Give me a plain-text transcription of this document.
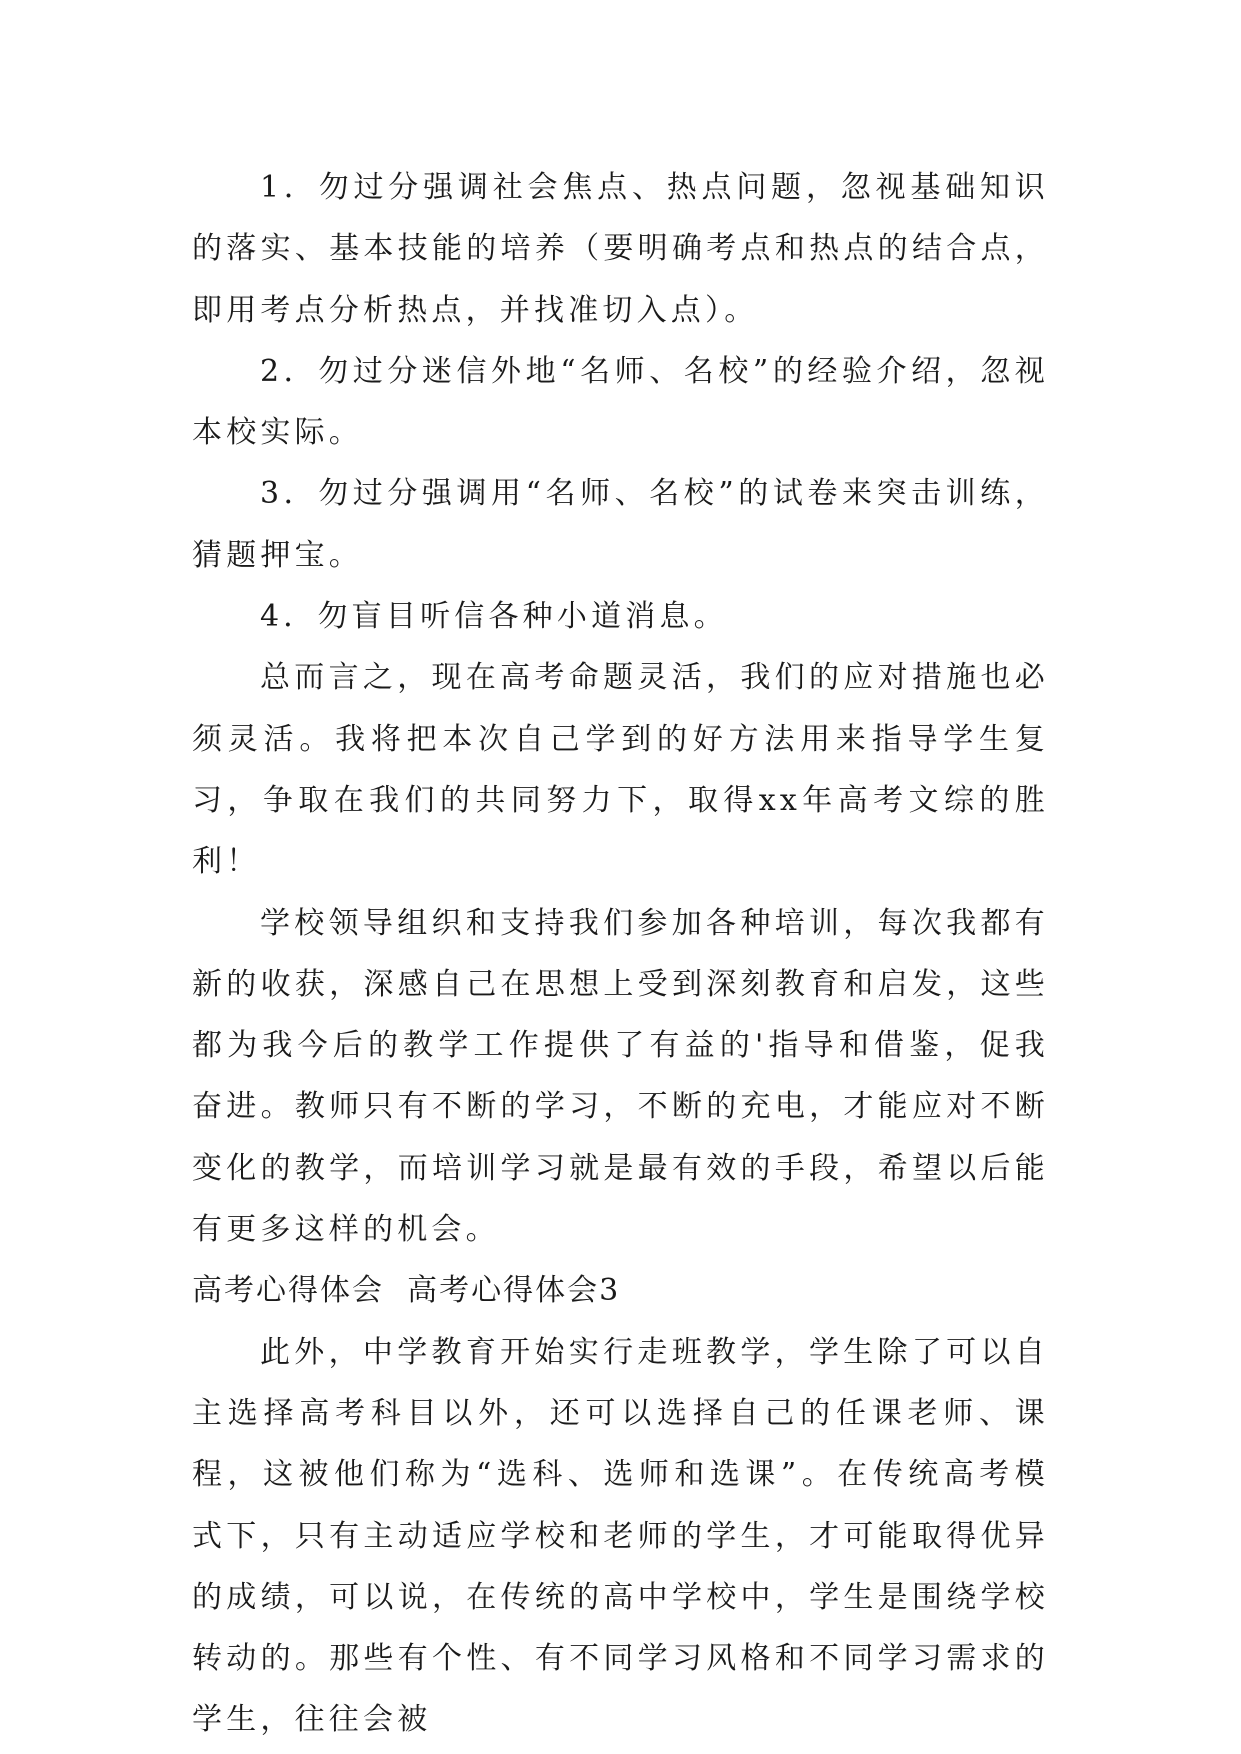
1．勿过分强调社会焦点、热点问题，忽视基础知识的落实、基本技能的培养（要明确考点和热点的结合点，即用考点分析热点，并找准切入点）。

2．勿过分迷信外地“名师、名校”的经验介绍，忽视本校实际。

3．勿过分强调用“名师、名校”的试卷来突击训练，猜题押宝。

4．勿盲目听信各种小道消息。

总而言之，现在高考命题灵活，我们的应对措施也必须灵活。我将把本次自己学到的好方法用来指导学生复习，争取在我们的共同努力下，取得xx年高考文综的胜利！

学校领导组织和支持我们参加各种培训，每次我都有新的收获，深感自己在思想上受到深刻教育和启发，这些都为我今后的教学工作提供了有益的'指导和借鉴，促我奋进。教师只有不断的学习，不断的充电，才能应对不断变化的教学，而培训学习就是最有效的手段，希望以后能有更多这样的机会。

高考心得体会  高考心得体会3

此外，中学教育开始实行走班教学，学生除了可以自主选择高考科目以外，还可以选择自己的任课老师、课程，这被他们称为“选科、选师和选课”。在传统高考模式下，只有主动适应学校和老师的学生，才可能取得优异的成绩，可以说，在传统的高中学校中，学生是围绕学校转动的。那些有个性、有不同学习风格和不同学习需求的学生，往往会被
